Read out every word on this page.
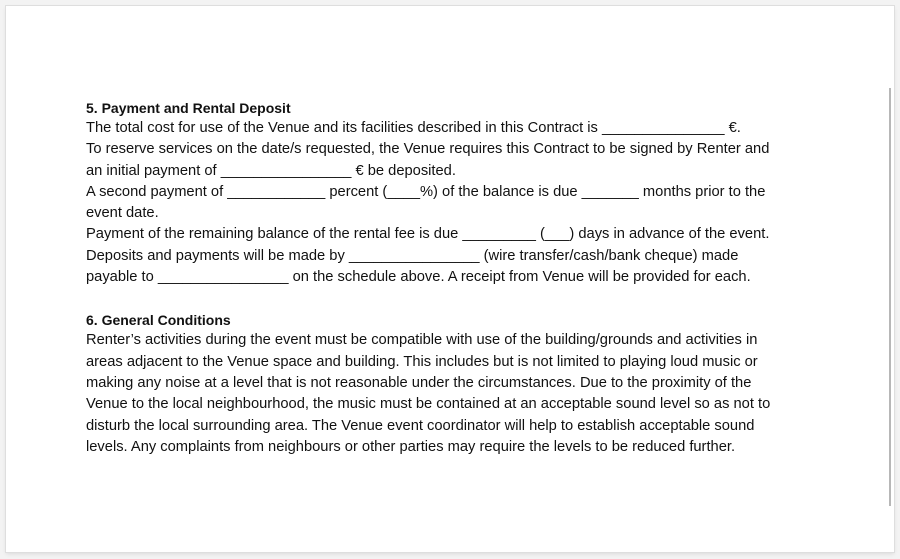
5. Payment and Rental Deposit

The total cost for use of the Venue and its facilities described in this Contract is _______________ €.
To reserve services on the date/s requested, the Venue requires this Contract to be signed by Renter and
an initial payment of ________________ € be deposited.
A second payment of ____________ percent (____%) of the balance is due _______ months prior to the
event date.
Payment of the remaining balance of the rental fee is due _________ (___) days in advance of the event.
Deposits and payments will be made by ________________ (wire transfer/cash/bank cheque) made
payable to ________________ on the schedule above. A receipt from Venue will be provided for each.

6. General Conditions

Renter’s activities during the event must be compatible with use of the building/grounds and activities in
areas adjacent to the Venue space and building. This includes but is not limited to playing loud music or
making any noise at a level that is not reasonable under the circumstances. Due to the proximity of the
Venue to the local neighbourhood, the music must be contained at an acceptable sound level so as not to
disturb the local surrounding area. The Venue event coordinator will help to establish acceptable sound
levels. Any complaints from neighbours or other parties may require the levels to be reduced further.
